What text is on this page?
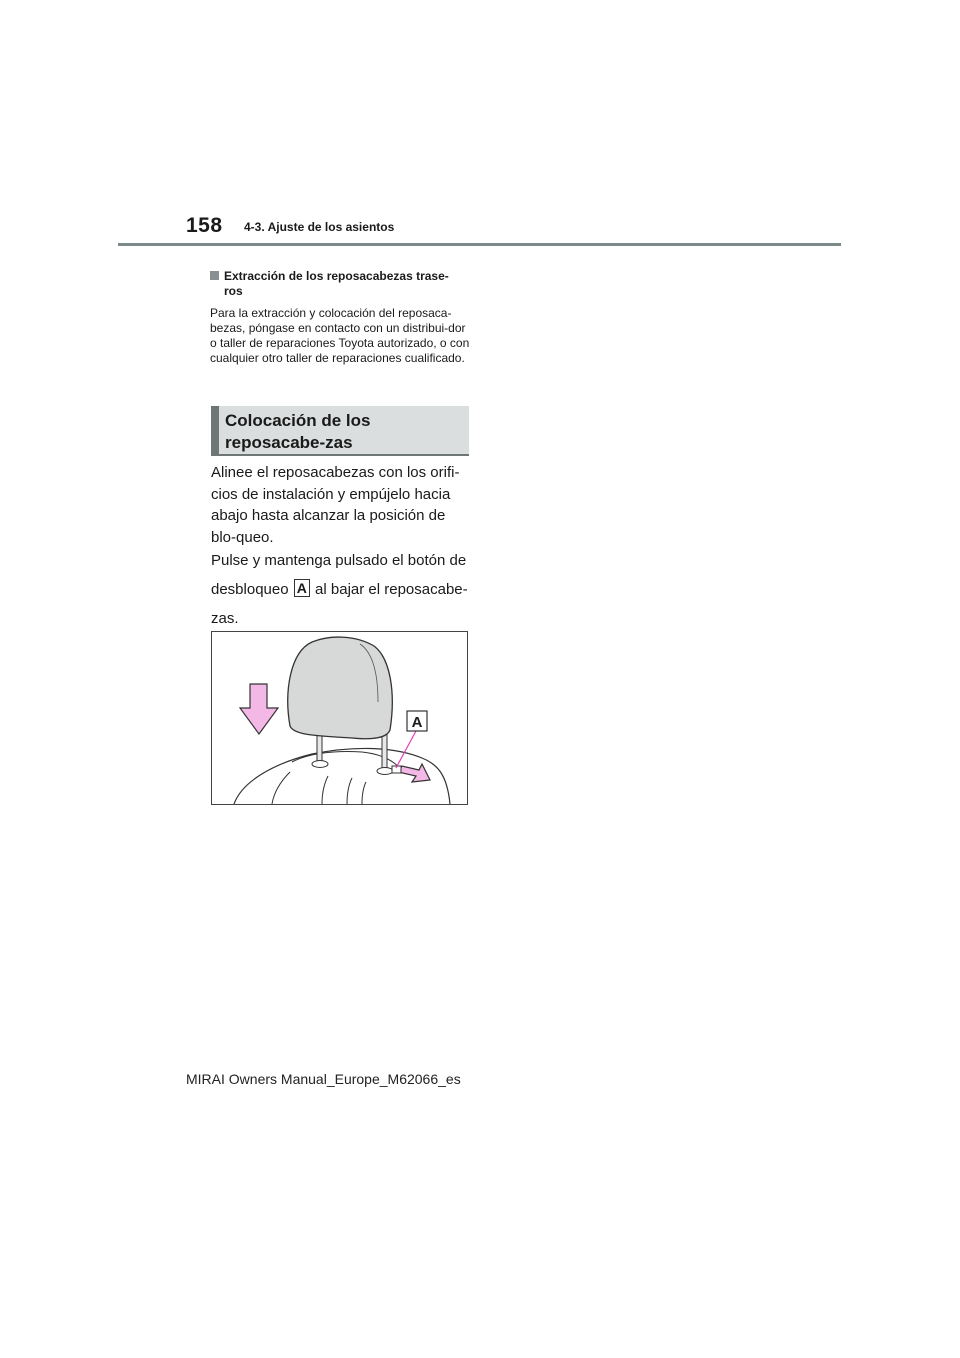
158 4-3. Ajuste de los asientos
Extracción de los reposacabezas trase-
ros
Para la extracción y colocación del reposaca-bezas, póngase en contacto con un distribui-dor o taller de reparaciones Toyota autorizado, o con cualquier otro taller de reparaciones cualificado.
Colocación de los reposacabe-zas

Alinee el reposacabezas con los orifi-cios de instalación y empújelo hacia abajo hasta alcanzar la posición de blo-queo.

Pulse y mantenga pulsado el botón de desbloqueo A al bajar el reposacabe-zas.

A
MIRAI Owners Manual_Europe_M62066_es
